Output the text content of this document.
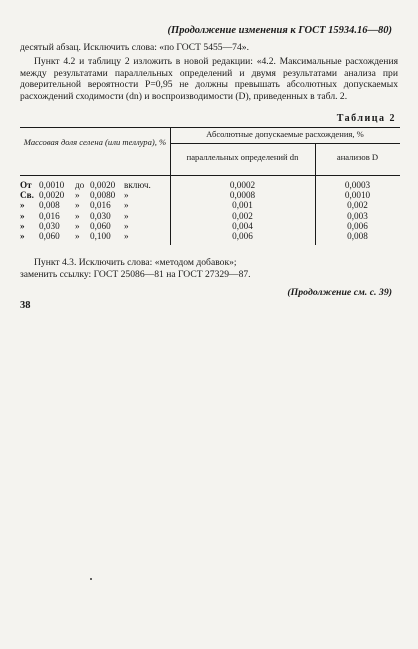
(Продолжение изменения к ГОСТ 15934.16—80)
десятый абзац. Исключить слова: «по ГОСТ 5455—74».
Пункт 4.2 и таблицу 2 изложить в новой редакции: «4.2. Максимальные расхождения между результатами параллельных определений и двумя результатами анализа при доверительной вероятности Р=0,95 не должны превышать абсолютных допускаемых расхождений сходимости (dn) и воспроизводимости (D), приведенных в табл. 2.
Таблица 2
Массовая доля селена (или теллура), %
Абсолютные допускаемые расхождения, %
параллельных определений dn	анализов D
От 0,0010 до 0,0020 включ.	0,0002	0,0003
Св. 0,0020 » 0,0080 »	0,0008	0,0010
» 0,008 » 0,016 »	0,001	0,002
» 0,016 » 0,030 »	0,002	0,003
» 0,030 » 0,060 »	0,004	0,006
» 0,060 » 0,100 »	0,006	0,008
Пункт 4.3. Исключить слова: «методом добавок»;
заменить ссылку: ГОСТ 25086—81 на ГОСТ 27329—87.
(Продолжение см. с. 39)
38
